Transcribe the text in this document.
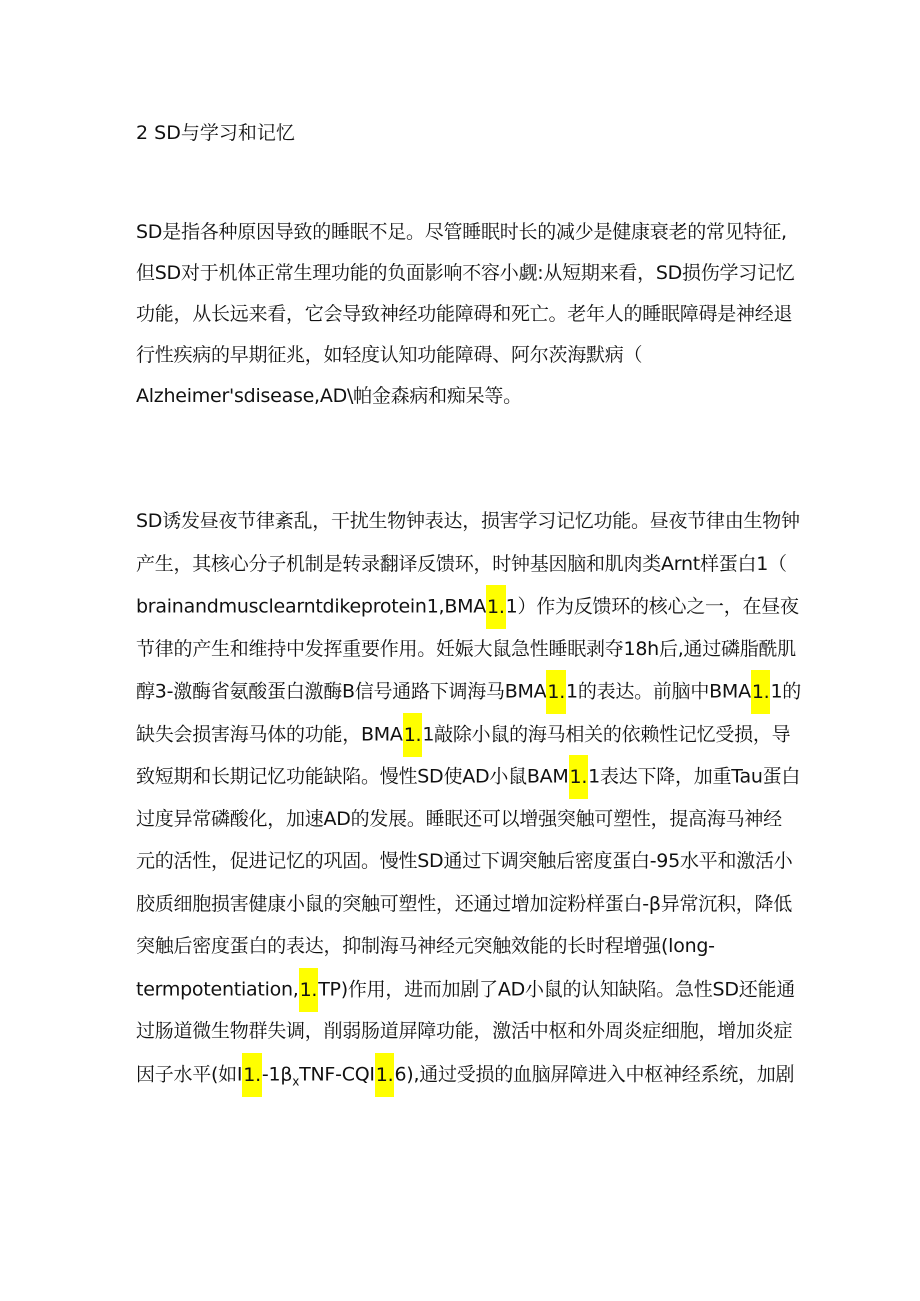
2 SD与学习和记忆
SD是指各种原因导致的睡眠不足。尽管睡眠时长的减少是健康衰老的常见特征,
但SD对于机体正常生理功能的负面影响不容小觑:从短期来看，SD损伤学习记忆
功能，从长远来看，它会导致神经功能障碍和死亡。老年人的睡眠障碍是神经退
行性疾病的早期征兆，如轻度认知功能障碍、阿尔茨海默病（
Alzheimer'sdisease,AD\帕金森病和痴呆等。
SD诱发昼夜节律紊乱，干扰生物钟表达，损害学习记忆功能。昼夜节律由生物钟
产生，其核心分子机制是转录翻译反馈环，时钟基因脑和肌肉类Arnt样蛋白1（
brainandmusclearntdikeprotein1,BMA1.1）作为反馈环的核心之一，在昼夜
节律的产生和维持中发挥重要作用。妊娠大鼠急性睡眠剥夺18h后,通过磷脂酰肌
醇3-激酶省氨酸蛋白激酶B信号通路下调海马BMA1.1的表达。前脑中BMA1.1的
缺失会损害海马体的功能，BMA1.1敲除小鼠的海马相关的依赖性记忆受损，导
致短期和长期记忆功能缺陷。慢性SD使AD小鼠BAM1.1表达下降，加重Tau蛋白
过度异常磷酸化，加速AD的发展。睡眠还可以增强突触可塑性，提高海马神经
元的活性，促进记忆的巩固。慢性SD通过下调突触后密度蛋白-95水平和激活小
胶质细胞损害健康小鼠的突触可塑性，还通过增加淀粉样蛋白-β异常沉积，降低
突触后密度蛋白的表达，抑制海马神经元突触效能的长时程增强(long-
termpotentiation,1.TP)作用，进而加剧了AD小鼠的认知缺陷。急性SD还能通
过肠道微生物群失调，削弱肠道屏障功能，激活中枢和外周炎症细胞，增加炎症
因子水平(如$I1.-1\beta_xTNF-CQI1.6$),通过受损的血脑屏障进入中枢神经系统，加剧
